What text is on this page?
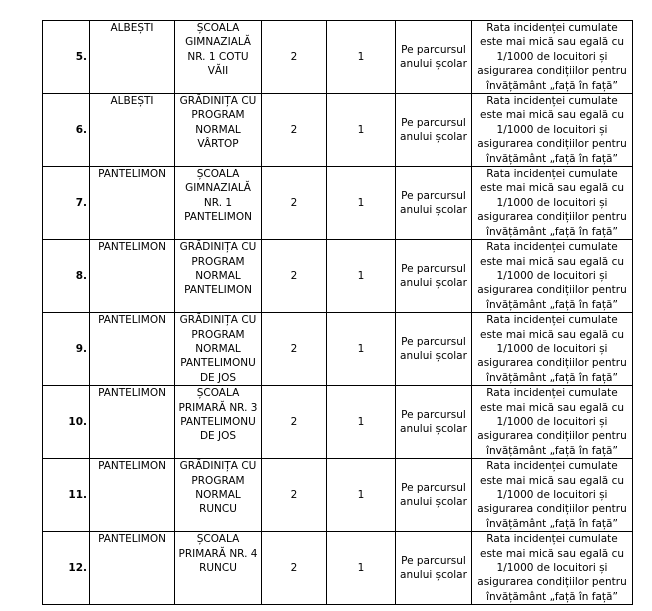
5.	ALBEȘTI	ȘCOALA
GIMNAZIALĂ
NR. 1 COTU
VĂII	2	1	Pe parcursul
anului școlar	Rata incidenței cumulate
este mai mică sau egală cu
1/1000 de locuitori și
asigurarea condițiilor pentru
învățământ „față în față”

6.	ALBEȘTI	GRĂDINIȚA CU
PROGRAM
NORMAL
VÂRTOP	2	1	Pe parcursul
anului școlar	Rata incidenței cumulate
este mai mică sau egală cu
1/1000 de locuitori și
asigurarea condițiilor pentru
învățământ „față în față”

7.	PANTELIMON	ȘCOALA
GIMNAZIALĂ
NR. 1
PANTELIMON	2	1	Pe parcursul
anului școlar	Rata incidenței cumulate
este mai mică sau egală cu
1/1000 de locuitori și
asigurarea condițiilor pentru
învățământ „față în față”

8.	PANTELIMON	GRĂDINIȚA CU
PROGRAM
NORMAL
PANTELIMON	2	1	Pe parcursul
anului școlar	Rata incidenței cumulate
este mai mică sau egală cu
1/1000 de locuitori și
asigurarea condițiilor pentru
învățământ „față în față”

9.	PANTELIMON	GRĂDINIȚA CU
PROGRAM
NORMAL
PANTELIMONU
DE JOS	2	1	Pe parcursul
anului școlar	Rata incidenței cumulate
este mai mică sau egală cu
1/1000 de locuitori și
asigurarea condițiilor pentru
învățământ „față în față”

10.	PANTELIMON	ȘCOALA
PRIMARĂ NR. 3
PANTELIMONU
DE JOS	2	1	Pe parcursul
anului școlar	Rata incidenței cumulate
este mai mică sau egală cu
1/1000 de locuitori și
asigurarea condițiilor pentru
învățământ „față în față”

11.	PANTELIMON	GRĂDINIȚA CU
PROGRAM
NORMAL
RUNCU	2	1	Pe parcursul
anului școlar	Rata incidenței cumulate
este mai mică sau egală cu
1/1000 de locuitori și
asigurarea condițiilor pentru
învățământ „față în față”

12.	PANTELIMON	ȘCOALA
PRIMARĂ NR. 4
RUNCU	2	1	Pe parcursul
anului școlar	Rata incidenței cumulate
este mai mică sau egală cu
1/1000 de locuitori și
asigurarea condițiilor pentru
învățământ „față în față”
